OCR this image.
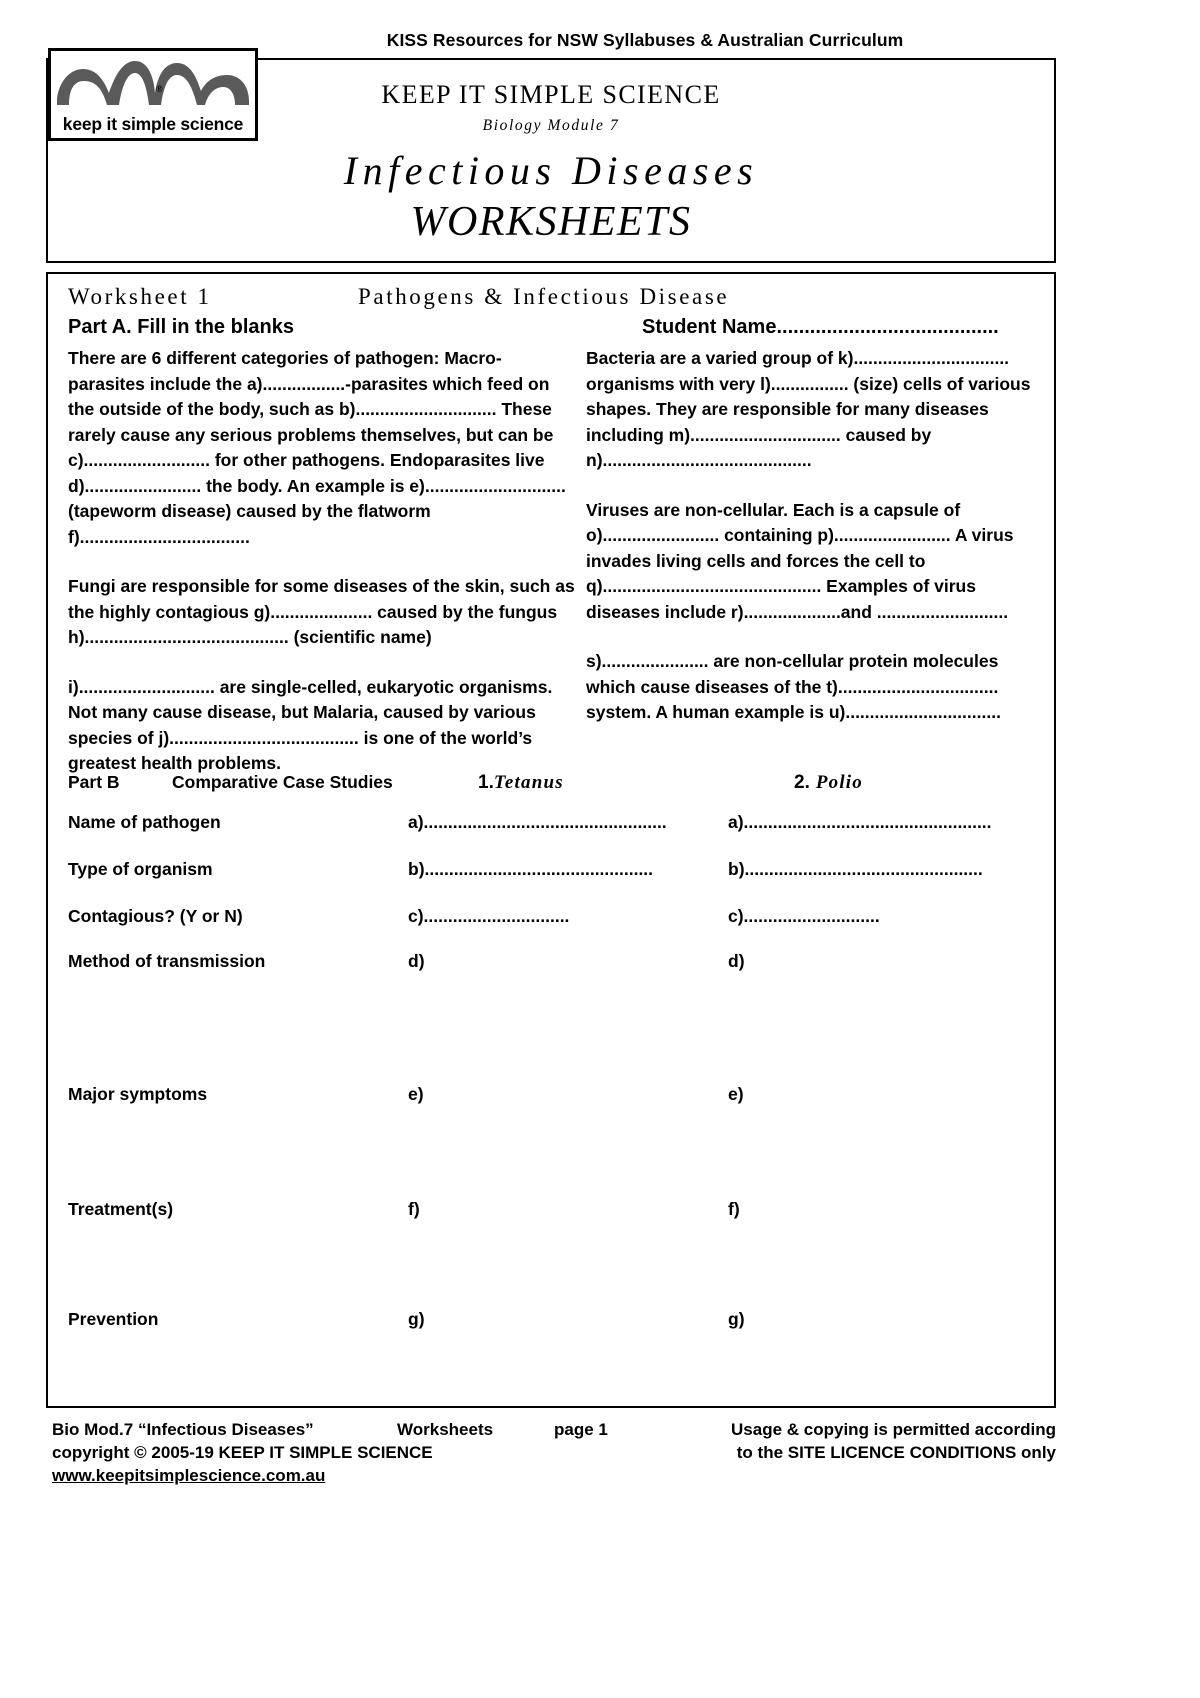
KISS Resources for NSW Syllabuses & Australian Curriculum
KEEP IT SIMPLE SCIENCE
Biology Module 7
Infectious Diseases
WORKSHEETS
®
keep it simple science
Worksheet 1	Pathogens & Infectious Disease
Part A. Fill in the blanks	Student Name........................................

There are 6 different categories of pathogen: Macro-parasites include the a).................-parasites which feed on the outside of the body, such as b)............................. These rarely cause any serious problems themselves, but can be c).......................... for other pathogens. Endoparasites live d)........................ the body. An example is e)............................. (tapeworm disease) caused by the flatworm f)...................................

Fungi are responsible for some diseases of the skin, such as the highly contagious g)..................... caused by the fungus h).......................................... (scientific name)

i)............................ are single-celled, eukaryotic organisms. Not many cause disease, but Malaria, caused by various species of j)....................................... is one of the world’s greatest health problems.

Bacteria are a varied group of k)................................ organisms with very l)................ (size) cells of various shapes. They are responsible for many diseases including m)............................... caused by n)...........................................

Viruses are non-cellular. Each is a capsule of o)........................ containing p)........................ A virus invades living cells and forces the cell to q)............................................. Examples of virus diseases include r)....................and ...........................

s)...................... are non-cellular protein molecules which cause diseases of the t)................................. system. A human example is u)................................

Part B	Comparative Case Studies	1.Tetanus	2. Polio
Name of pathogen	a)..................................................	a)...................................................
Type of organism	b)...............................................	b).................................................
Contagious? (Y or N)	c)..............................	c)............................
Method of transmission	d)	d)
Major symptoms	e)	e)
Treatment(s)	f)	f)
Prevention	g)	g)
Bio Mod.7 “Infectious Diseases”	Worksheets	page 1
copyright © 2005-19 KEEP IT SIMPLE SCIENCE
www.keepitsimplescience.com.au
Usage & copying is permitted according
to the SITE LICENCE CONDITIONS only
